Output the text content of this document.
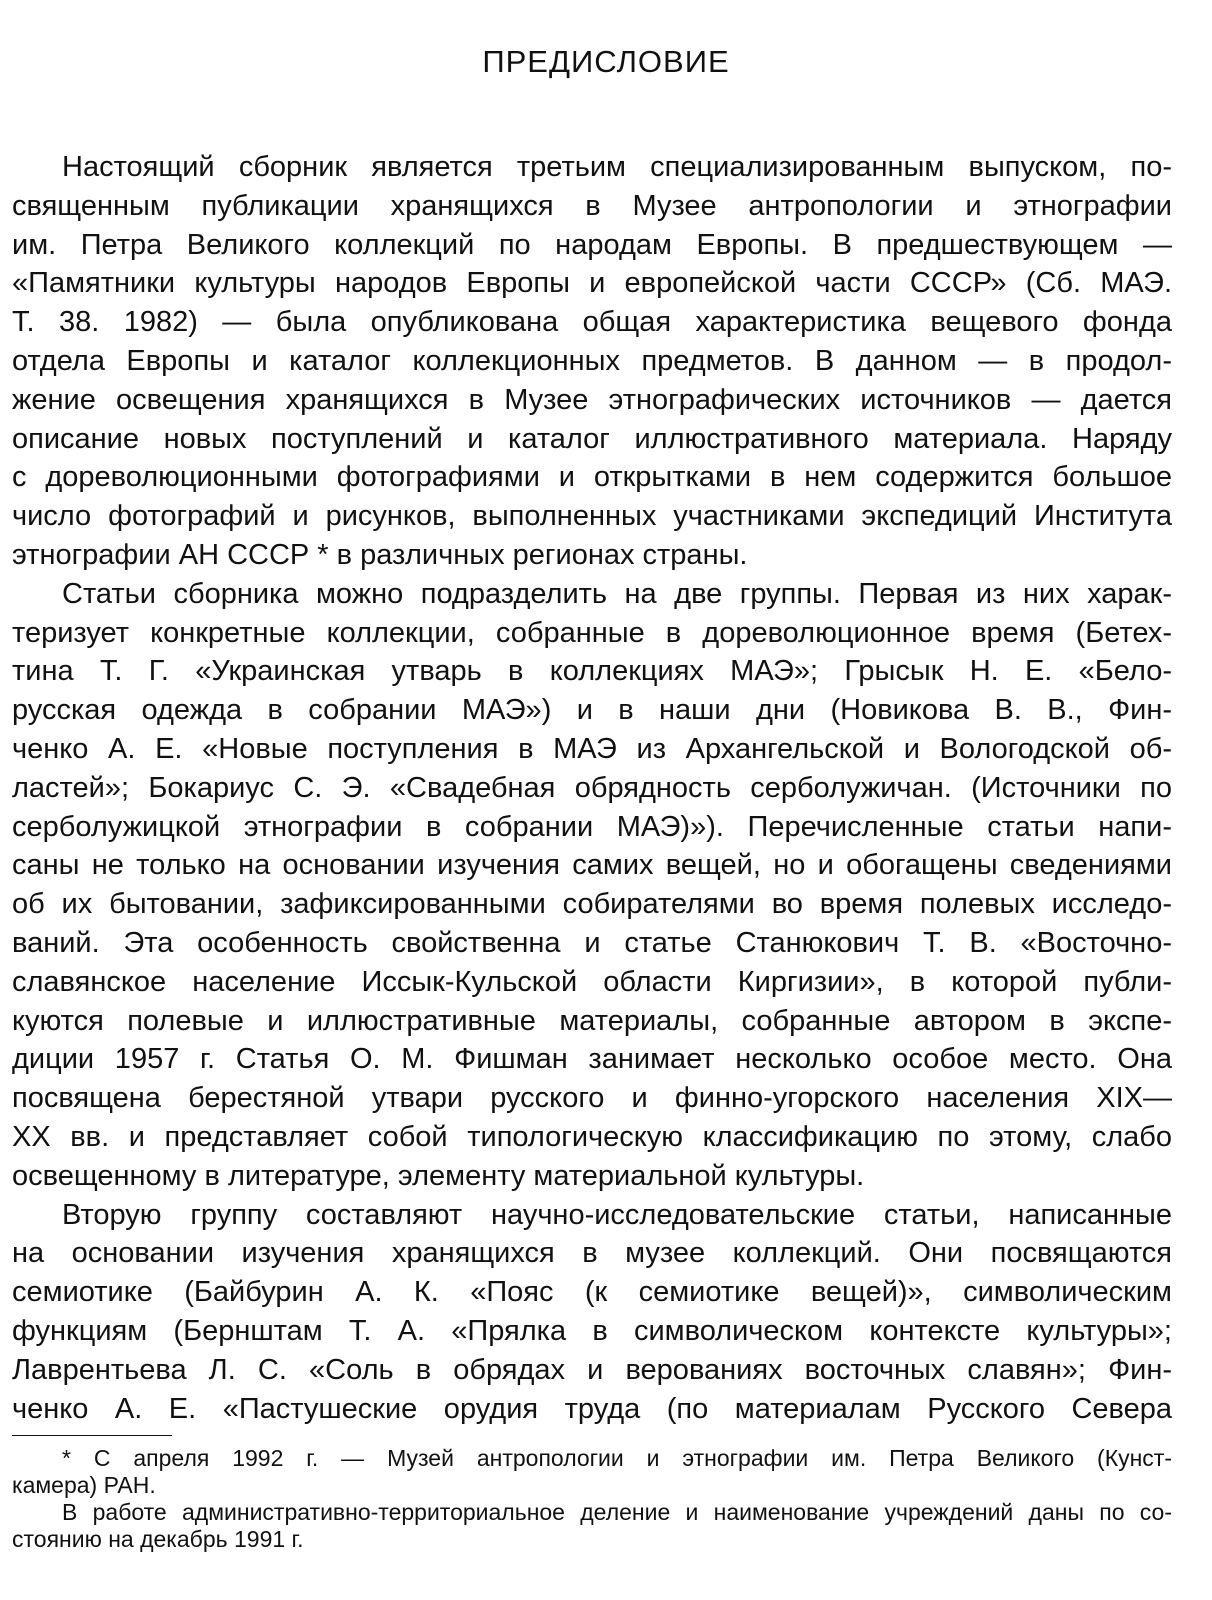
ПРЕДИСЛОВИЕ
Настоящий сборник является третьим специализированным выпуском, по-
священным публикации хранящихся в Музее антропологии и этнографии
им. Петра Великого коллекций по народам Европы. В предшествующем —
«Памятники культуры народов Европы и европейской части СССР» (Сб. МАЭ.
Т. 38. 1982) — была опубликована общая характеристика вещевого фонда
отдела Европы и каталог коллекционных предметов. В данном — в продол-
жение освещения хранящихся в Музее этнографических источников — дается
описание новых поступлений и каталог иллюстративного материала. Наряду
с дореволюционными фотографиями и открытками в нем содержится большое
число фотографий и рисунков, выполненных участниками экспедиций Института
этнографии АН СССР * в различных регионах страны.
Статьи сборника можно подразделить на две группы. Первая из них харак-
теризует конкретные коллекции, собранные в дореволюционное время (Бетех-
тина Т. Г. «Украинская утварь в коллекциях МАЭ»; Грысык Н. Е. «Бело-
русская одежда в собрании МАЭ») и в наши дни (Новикова В. В., Фин-
ченко А. Е. «Новые поступления в МАЭ из Архангельской и Вологодской об-
ластей»; Бокариус С. Э. «Свадебная обрядность серболужичан. (Источники по
серболужицкой этнографии в собрании МАЭ)»). Перечисленные статьи напи-
саны не только на основании изучения самих вещей, но и обогащены сведениями
об их бытовании, зафиксированными собирателями во время полевых исследо-
ваний. Эта особенность свойственна и статье Станюкович Т. В. «Восточно-
славянское население Иссык-Кульской области Киргизии», в которой публи-
куются полевые и иллюстративные материалы, собранные автором в экспе-
диции 1957 г. Статья О. М. Фишман занимает несколько особое место. Она
посвящена берестяной утвари русского и финно-угорского населения XIX—
XX вв. и представляет собой типологическую классификацию по этому, слабо
освещенному в литературе, элементу материальной культуры.
Вторую группу составляют научно-исследовательские статьи, написанные
на основании изучения хранящихся в музее коллекций. Они посвящаются
семиотике (Байбурин А. К. «Пояс (к семиотике вещей)», символическим
функциям (Бернштам Т. А. «Прялка в символическом контексте культуры»;
Лаврентьева Л. С. «Соль в обрядах и верованиях восточных славян»; Фин-
ченко А. Е. «Пастушеские орудия труда (по материалам Русского Севера
* С апреля 1992 г. — Музей антропологии и этнографии им. Петра Великого (Кунст-
камера) РАН.
В работе административно-территориальное деление и наименование учреждений даны по со-
стоянию на декабрь 1991 г.
